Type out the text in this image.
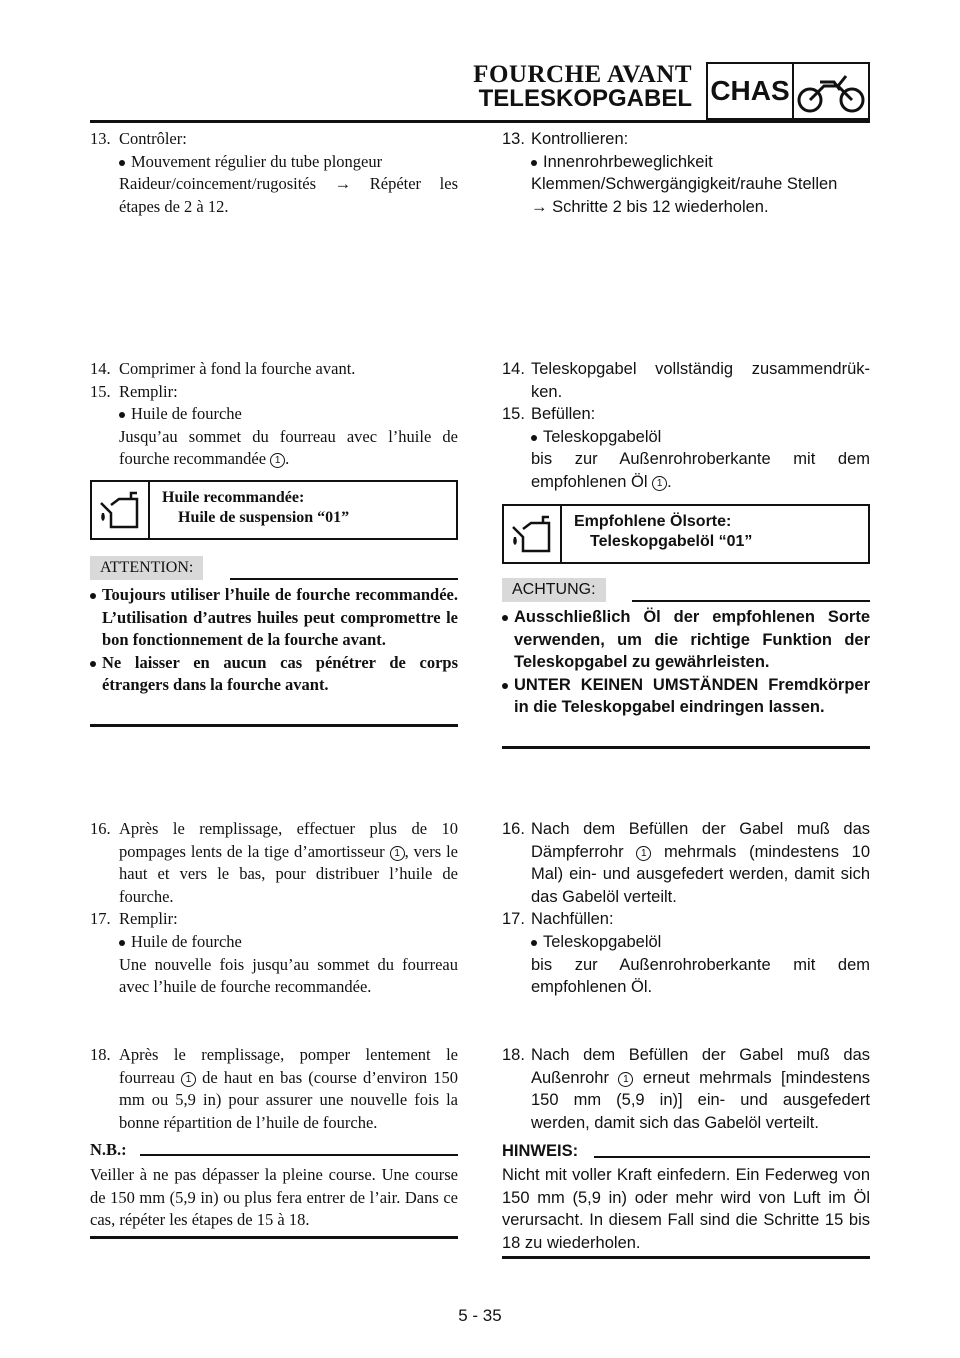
FOURCHE AVANT
TELESKOPGABEL CHAS
13. Contrôler:
Mouvement régulier du tube plongeur
Raideur/coincement/rugosités → Répéter les étapes de 2 à 12.
14. Comprimer à fond la fourche avant.
15. Remplir:
Huile de fourche
Jusqu’au sommet du fourreau avec l’huile de fourche recommandée 1 .
Huile recommandée:
Huile de suspension “01”
ATTENTION:
Toujours utiliser l’huile de fourche recommandée. L’utilisation d’autres huiles peut compromettre le bon fonctionnement de la fourche avant.
Ne laisser en aucun cas pénétrer de corps étrangers dans la fourche avant.
16. Après le remplissage, effectuer plus de 10 pompages lents de la tige d’amortisseur 1 , vers le haut et vers le bas, pour distribuer l’huile de fourche.
17. Remplir:
Huile de fourche
Une nouvelle fois jusqu’au sommet du fourreau avec l’huile de fourche recommandée.
18. Après le remplissage, pomper lentement le fourreau 1 de haut en bas (course d’environ 150 mm ou 5,9 in) pour assurer une nouvelle fois la bonne répartition de l’huile de fourche.
N.B.:
Veiller à ne pas dépasser la pleine course. Une course de 150 mm (5,9 in) ou plus fera entrer de l’air. Dans ce cas, répéter les étapes de 15 à 18.
13. Kontrollieren:
Innenrohrbeweglichkeit
Klemmen/Schwergängigkeit/rauhe Stellen
→ Schritte 2 bis 12 wiederholen.
14. Teleskopgabel vollständig zusammendrük-ken.
15. Befüllen:
Teleskopgabelöl
bis zur Außenrohroberkante mit dem empfohlenen Öl 1 .
Empfohlene Ölsorte:
Teleskopgabelöl “01”
ACHTUNG:
Ausschließlich Öl der empfohlenen Sorte verwenden, um die richtige Funktion der Teleskopgabel zu gewährleisten.
UNTER KEINEN UMSTÄNDEN Fremdkörper in die Teleskopgabel eindringen lassen.
16. Nach dem Befüllen der Gabel muß das Dämpferrohr 1 mehrmals (mindestens 10 Mal) ein- und ausgefedert werden, damit sich das Gabelöl verteilt.
17. Nachfüllen:
Teleskopgabelöl
bis zur Außenrohroberkante mit dem empfohlenen Öl.
18. Nach dem Befüllen der Gabel muß das Außenrohr 1 erneut mehrmals [mindestens 150 mm (5,9 in)] ein- und ausgefedert werden, damit sich das Gabelöl verteilt.
HINWEIS:
Nicht mit voller Kraft einfedern. Ein Federweg von 150 mm (5,9 in) oder mehr wird von Luft im Öl verursacht. In diesem Fall sind die Schritte 15 bis 18 zu wiederholen.
5 - 35
